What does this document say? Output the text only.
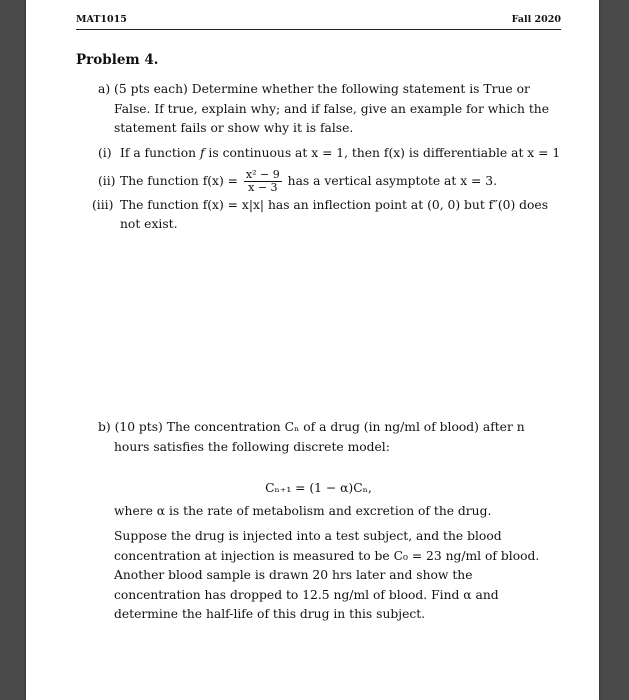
MAT1015	Fall 2020
Problem 4.
a) (5 pts each) Determine whether the following statement is True or False. If true, explain why; and if false, give an example for which the statement fails or show why it is false.

(i) If a function f is continuous at x = 1, then f(x) is differentiable at x = 1

(ii) The function $f(x) = \frac{\text{x² − 9}}{x - 3}$ has a vertical asymptote at x = 3.

(iii) The function f(x) = x|x| has an inflection point at (0, 0) but f″(0) does not exist.

b) (10 pts) The concentration Cₙ of a drug (in ng/ml of blood) after n hours satisfies the following discrete model:
Cₙ₊₁ = (1 − α)Cₙ,
where α is the rate of metabolism and excretion of the drug.
Suppose the drug is injected into a test subject, and the blood concentration at injection is measured to be C₀ = 23 ng/ml of blood. Another blood sample is drawn 20 hrs later and show the concentration has dropped to 12.5 ng/ml of blood. Find α and determine the half-life of this drug in this subject.
